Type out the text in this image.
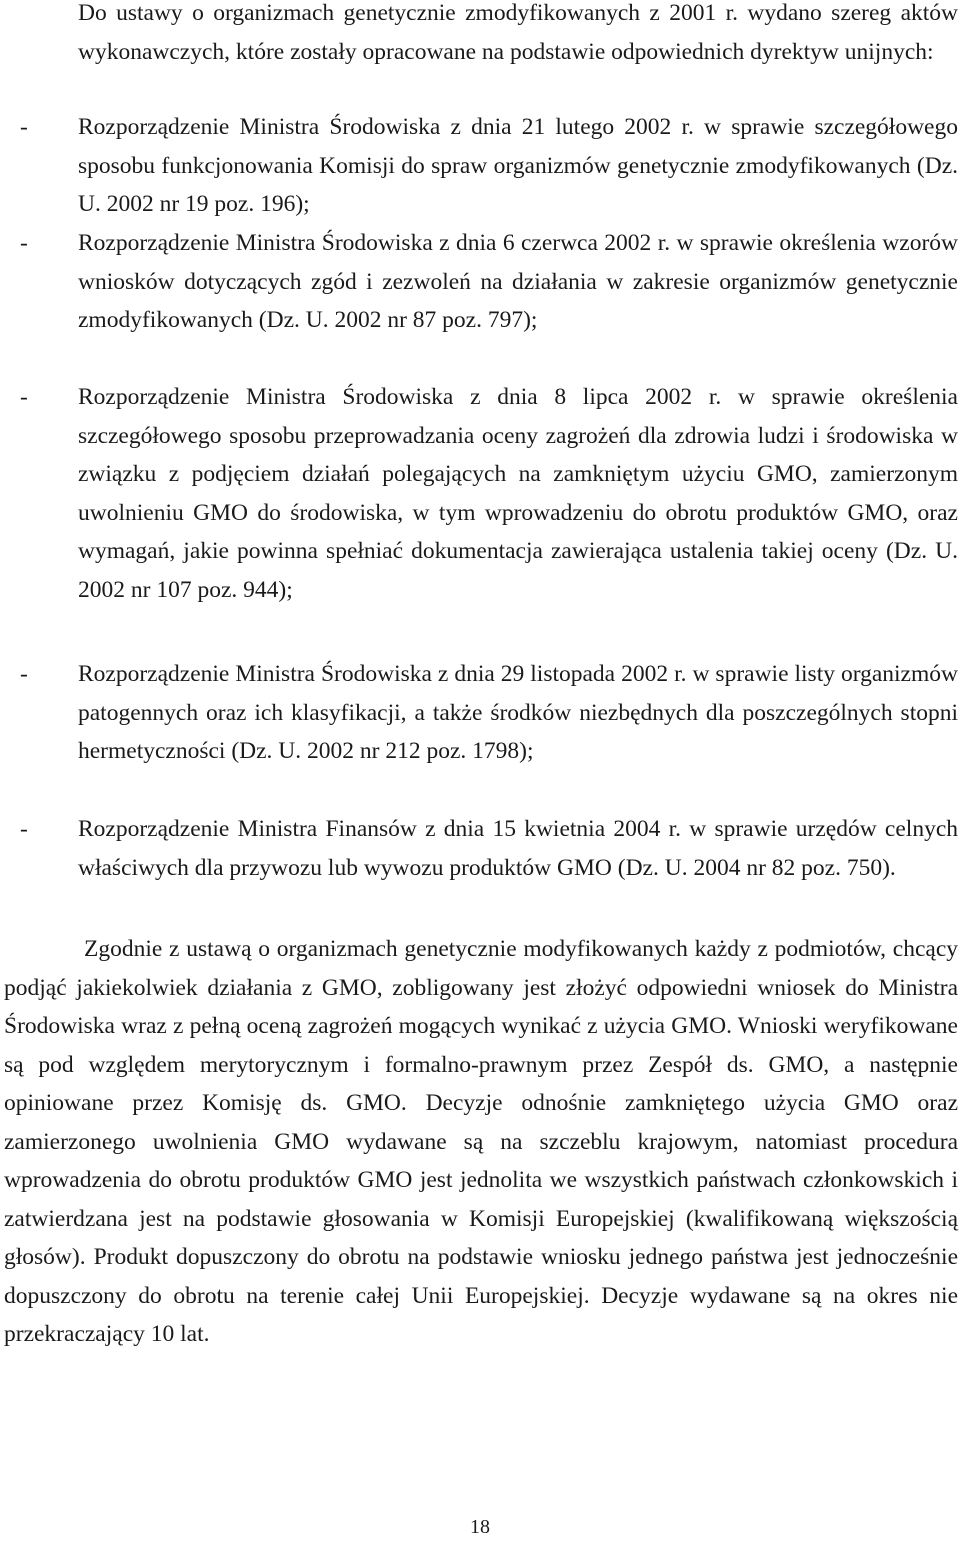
Do ustawy o organizmach genetycznie zmodyfikowanych z 2001 r. wydano szereg aktów wykonawczych, które zostały opracowane na podstawie odpowiednich dyrektyw unijnych:

-	Rozporządzenie Ministra Środowiska z dnia 21 lutego 2002 r. w sprawie szczegółowego sposobu funkcjonowania Komisji do spraw organizmów genetycznie zmodyfikowanych (Dz. U. 2002 nr 19 poz. 196);

-	Rozporządzenie Ministra Środowiska z dnia 6 czerwca 2002 r. w sprawie określenia wzorów wniosków dotyczących zgód i zezwoleń na działania w zakresie organizmów genetycznie zmodyfikowanych (Dz. U. 2002 nr 87 poz. 797);

-	Rozporządzenie Ministra Środowiska z dnia 8 lipca 2002 r. w sprawie określenia szczegółowego sposobu przeprowadzania oceny zagrożeń dla zdrowia ludzi i środowiska w związku z podjęciem działań polegających na zamkniętym użyciu GMO, zamierzonym uwolnieniu GMO do środowiska, w tym wprowadzeniu do obrotu produktów GMO, oraz wymagań, jakie powinna spełniać dokumentacja zawierająca ustalenia takiej oceny (Dz. U. 2002 nr 107 poz. 944);

-	Rozporządzenie Ministra Środowiska z dnia 29 listopada 2002 r. w sprawie listy organizmów patogennych oraz ich klasyfikacji, a także środków niezbędnych dla poszczególnych stopni hermetyczności (Dz. U. 2002 nr 212 poz. 1798);

-	Rozporządzenie Ministra Finansów z dnia 15 kwietnia 2004 r. w sprawie urzędów celnych właściwych dla przywozu lub wywozu produktów GMO (Dz. U. 2004 nr 82 poz. 750).

Zgodnie z ustawą o organizmach genetycznie modyfikowanych każdy z podmiotów, chcący podjąć jakiekolwiek działania z GMO, zobligowany jest złożyć odpowiedni wniosek do Ministra Środowiska wraz z pełną oceną zagrożeń mogących wynikać z użycia GMO. Wnioski weryfikowane są pod względem merytorycznym i formalno-prawnym przez Zespół ds. GMO, a następnie opiniowane przez Komisję ds. GMO. Decyzje odnośnie zamkniętego użycia GMO oraz zamierzonego uwolnienia GMO wydawane są na szczeblu krajowym, natomiast procedura wprowadzenia do obrotu produktów GMO jest jednolita we wszystkich państwach członkowskich i zatwierdzana jest na podstawie głosowania w Komisji Europejskiej (kwalifikowaną większością głosów). Produkt dopuszczony do obrotu na podstawie wniosku jednego państwa jest jednocześnie dopuszczony do obrotu na terenie całej Unii Europejskiej. Decyzje wydawane są na okres nie przekraczający 10 lat.

18
